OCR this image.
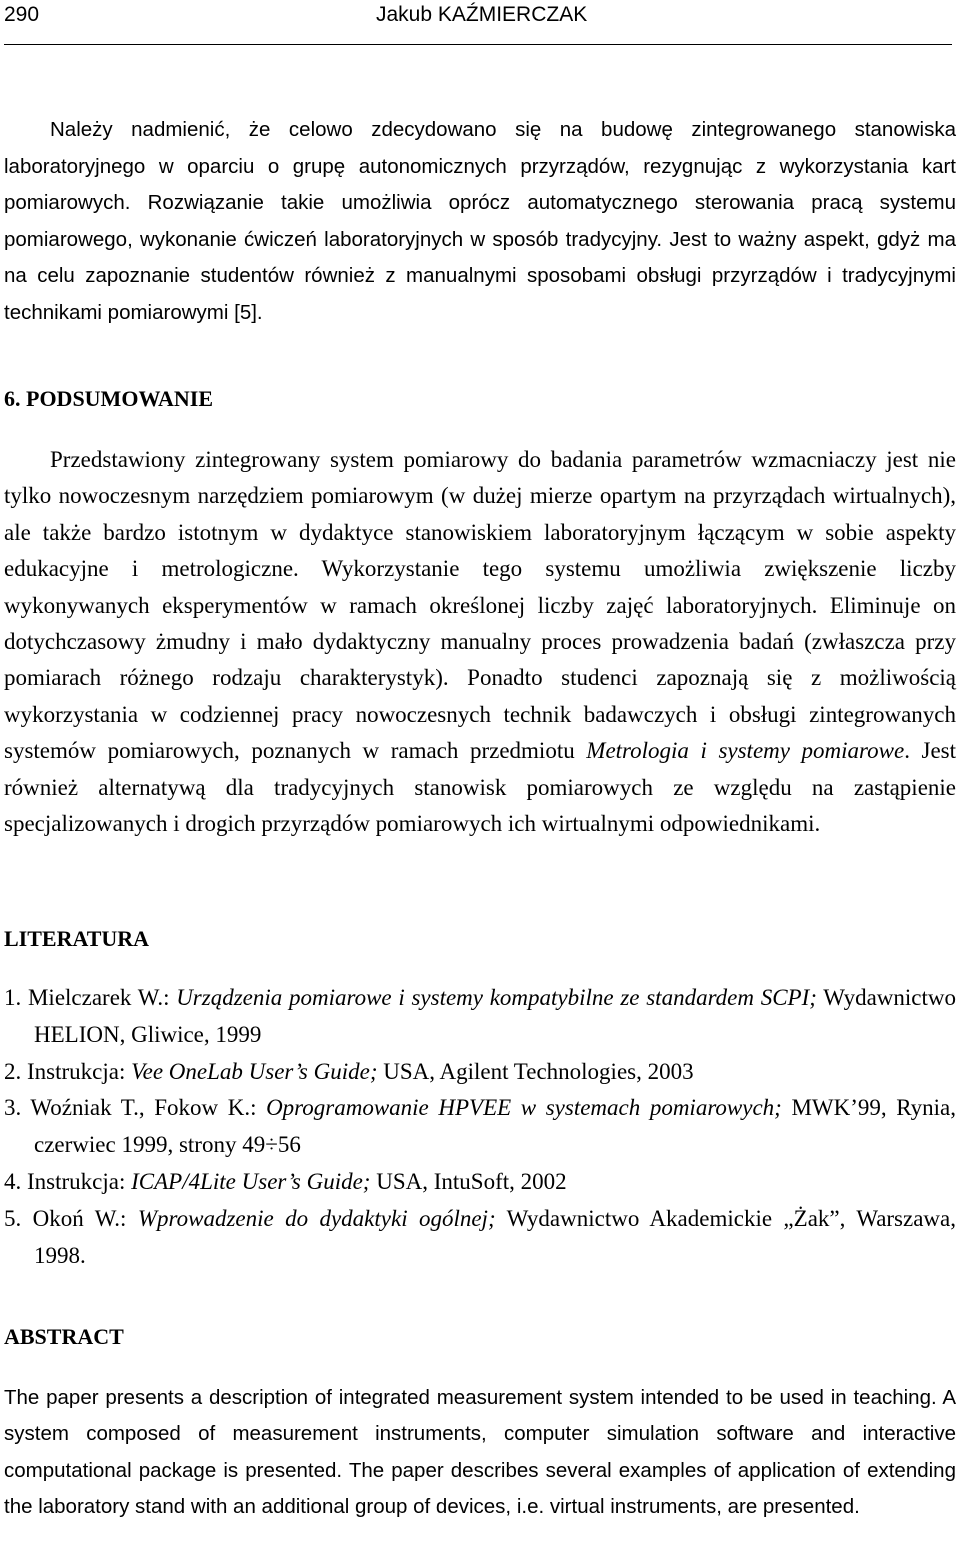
290	Jakub KAŹMIERCZAK

Należy nadmienić, że celowo zdecydowano się na budowę zintegrowanego stanowiska laboratoryjnego w oparciu o grupę autonomicznych przyrządów, rezygnując z wykorzystania kart pomiarowych. Rozwiązanie takie umożliwia oprócz automatycznego sterowania pracą systemu pomiarowego, wykonanie ćwiczeń laboratoryjnych w sposób tradycyjny. Jest to ważny aspekt, gdyż ma na celu zapoznanie studentów również z manualnymi sposobami obsługi przyrządów i tradycyjnymi technikami pomiarowymi [5].

6. PODSUMOWANIE

Przedstawiony zintegrowany system pomiarowy do badania parametrów wzmacniaczy jest nie tylko nowoczesnym narzędziem pomiarowym (w dużej mierze opartym na przyrządach wirtualnych), ale także bardzo istotnym w dydaktyce stanowiskiem laboratoryjnym łączącym w sobie aspekty edukacyjne i metrologiczne. Wykorzystanie tego systemu umożliwia zwiększenie liczby wykonywanych eksperymentów w ramach określonej liczby zajęć laboratoryjnych. Eliminuje on dotychczasowy żmudny i mało dydaktyczny manualny proces prowadzenia badań (zwłaszcza przy pomiarach różnego rodzaju charakterystyk). Ponadto studenci zapoznają się z możliwością wykorzystania w codziennej pracy nowoczesnych technik badawczych i obsługi zintegrowanych systemów pomiarowych, poznanych w ramach przedmiotu Metrologia i systemy pomiarowe. Jest również alternatywą dla tradycyjnych stanowisk pomiarowych ze względu na zastąpienie specjalizowanych i drogich przyrządów pomiarowych ich wirtualnymi odpowiednikami.

LITERATURA
1. Mielczarek W.: Urządzenia pomiarowe i systemy kompatybilne ze standardem SCPI; Wydawnictwo HELION, Gliwice, 1999
2. Instrukcja: Vee OneLab User’s Guide; USA, Agilent Technologies, 2003
3. Woźniak T., Fokow K.: Oprogramowanie HPVEE w systemach pomiarowych; MWK’99, Rynia, czerwiec 1999, strony 49÷56
4. Instrukcja: ICAP/4Lite User’s Guide; USA, IntuSoft, 2002
5. Okoń W.: Wprowadzenie do dydaktyki ogólnej; Wydawnictwo Akademickie „Żak”, Warszawa, 1998.
ABSTRACT

The paper presents a description of integrated measurement system intended to be used in teaching. A system composed of measurement instruments, computer simulation software and interactive computational package is presented. The paper describes several examples of application of extending the laboratory stand with an additional group of devices, i.e. virtual instruments, are presented.
